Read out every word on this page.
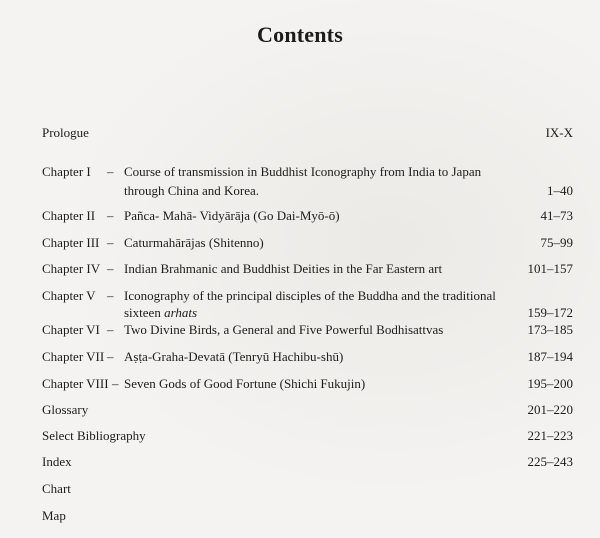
Contents
Prologue	IX-X
Chapter I – Course of transmission in Buddhist Iconography from India to Japan
through China and Korea.	1–40
Chapter II – Pañca- Mahā- Vidyārāja (Go Dai-Myō-ō)	41–73
Chapter III – Caturmahārājas (Shitenno)	75–99
Chapter IV – Indian Brahmanic and Buddhist Deities in the Far Eastern art	101–157
Chapter V – Iconography of the principal disciples of the Buddha and the traditional
sixteen arhats	159–172
Chapter VI – Two Divine Birds, a General and Five Powerful Bodhisattvas	173–185
Chapter VII – Aṣṭa-Graha-Devatā (Tenryū Hachibu-shū)	187–194
Chapter VIII – Seven Gods of Good Fortune (Shichi Fukujin)	195–200
Glossary	201–220
Select Bibliography	221–223
Index	225–243
Chart
Map
